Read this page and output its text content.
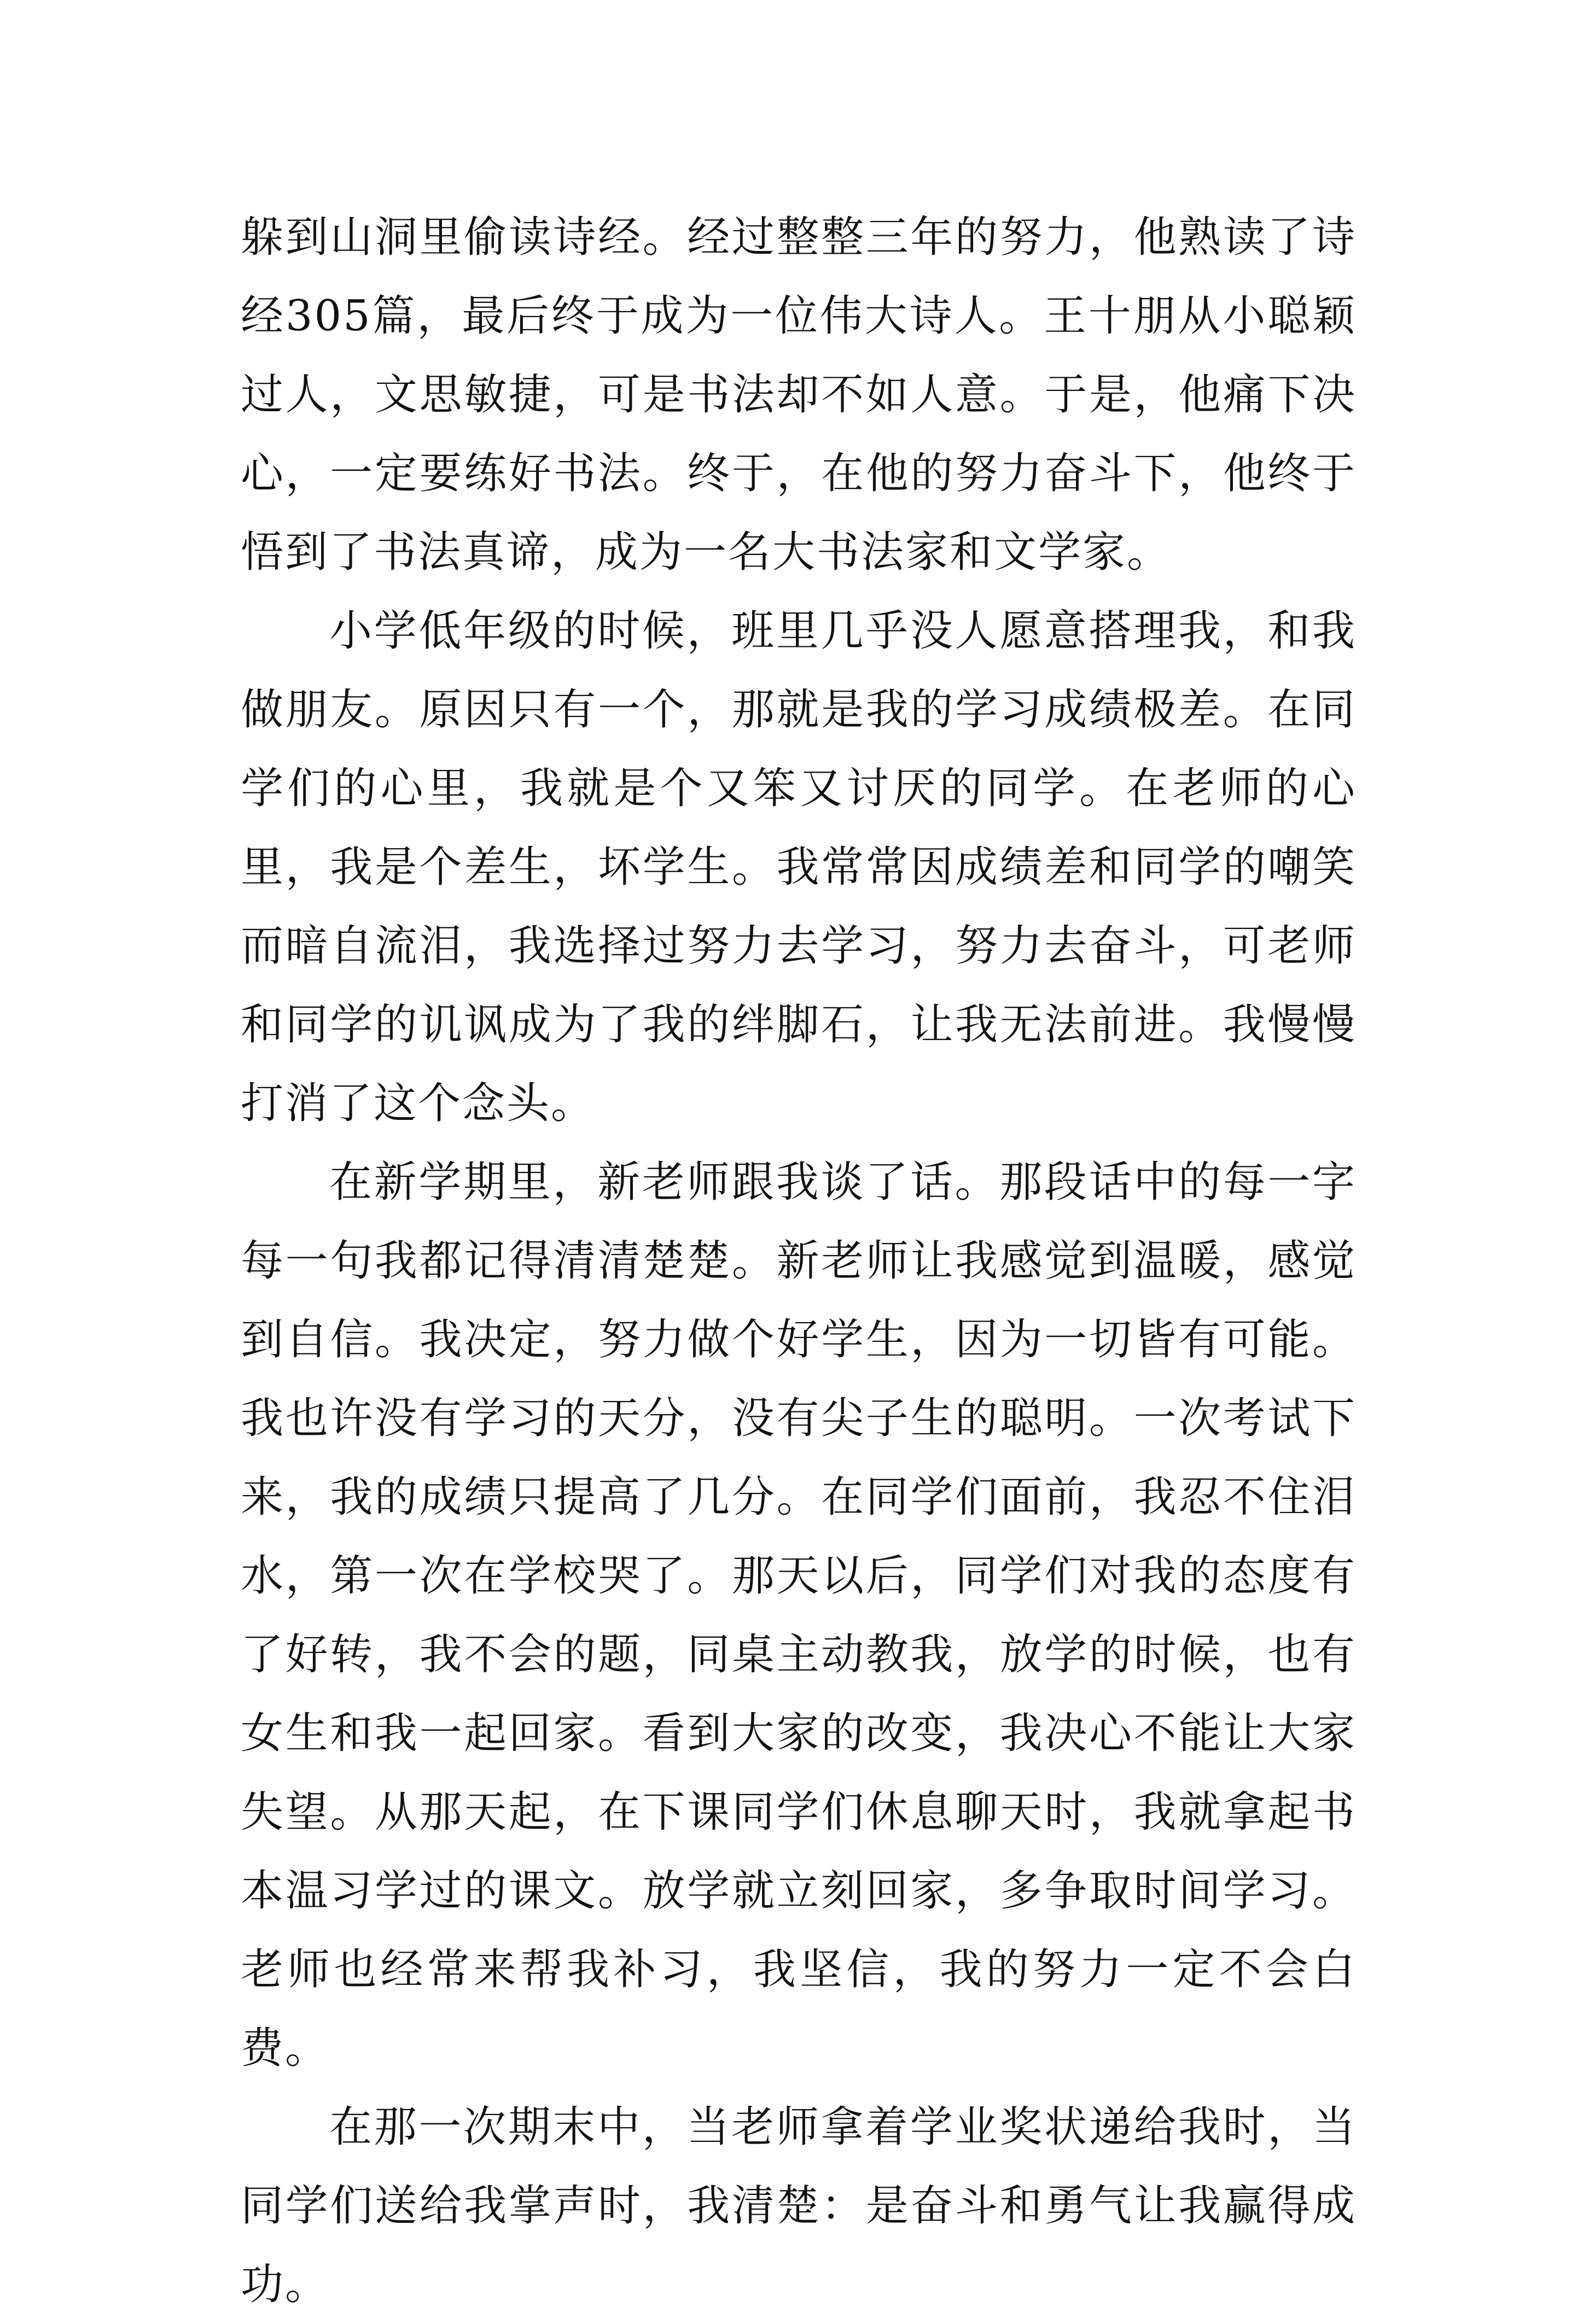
躲到山洞里偷读诗经。经过整整三年的努力，他熟读了诗经305篇，最后终于成为一位伟大诗人。王十朋从小聪颖过人，文思敏捷，可是书法却不如人意。于是，他痛下决心，一定要练好书法。终于，在他的努力奋斗下，他终于悟到了书法真谛，成为一名大书法家和文学家。

小学低年级的时候，班里几乎没人愿意搭理我，和我做朋友。原因只有一个，那就是我的学习成绩极差。在同学们的心里，我就是个又笨又讨厌的同学。在老师的心里，我是个差生，坏学生。我常常因成绩差和同学的嘲笑而暗自流泪，我选择过努力去学习，努力去奋斗，可老师和同学的讥讽成为了我的绊脚石，让我无法前进。我慢慢打消了这个念头。

在新学期里，新老师跟我谈了话。那段话中的每一字每一句我都记得清清楚楚。新老师让我感觉到温暖，感觉到自信。我决定，努力做个好学生，因为一切皆有可能。我也许没有学习的天分，没有尖子生的聪明。一次考试下来，我的成绩只提高了几分。在同学们面前，我忍不住泪水，第一次在学校哭了。那天以后，同学们对我的态度有了好转，我不会的题，同桌主动教我，放学的时候，也有女生和我一起回家。看到大家的改变，我决心不能让大家失望。从那天起，在下课同学们休息聊天时，我就拿起书本温习学过的课文。放学就立刻回家，多争取时间学习。老师也经常来帮我补习，我坚信，我的努力一定不会白费。

在那一次期末中，当老师拿着学业奖状递给我时，当同学们送给我掌声时，我清楚：是奋斗和勇气让我赢得成功。
